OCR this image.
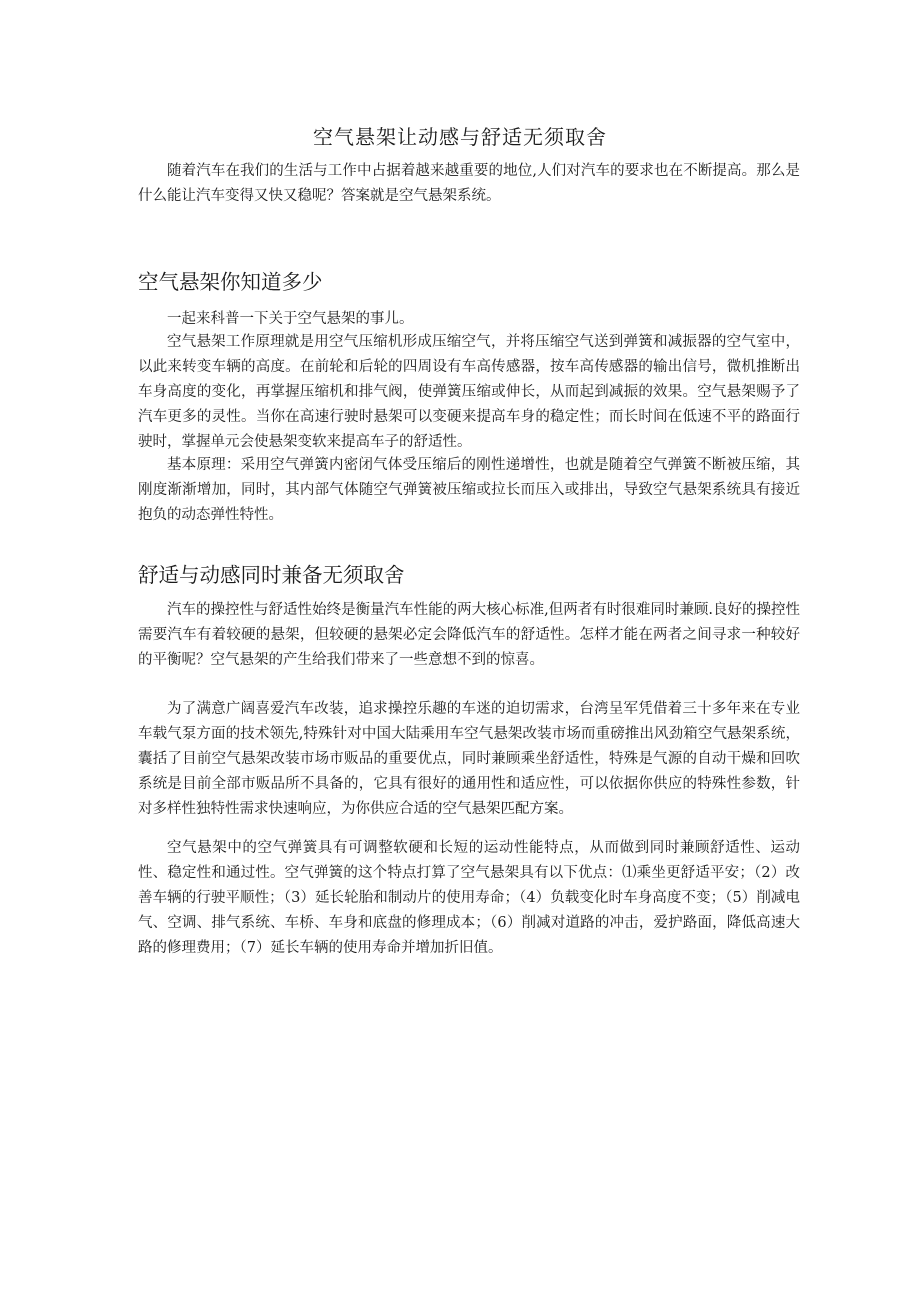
空气悬架让动感与舒适无须取舍

随着汽车在我们的生活与工作中占据着越来越重要的地位,人们对汽车的要求也在不断提高。那么是什么能让汽车变得又快又稳呢？答案就是空气悬架系统。

空气悬架你知道多少

一起来科普一下关于空气悬架的事儿。

空气悬架工作原理就是用空气压缩机形成压缩空气，并将压缩空气送到弹簧和减振器的空气室中，以此来转变车辆的高度。在前轮和后轮的四周设有车高传感器，按车高传感器的输出信号，微机推断出车身高度的变化，再掌握压缩机和排气阀，使弹簧压缩或伸长，从而起到减振的效果。空气悬架赐予了汽车更多的灵性。当你在高速行驶时悬架可以变硬来提高车身的稳定性；而长时间在低速不平的路面行驶时，掌握单元会使悬架变软来提高车子的舒适性。

基本原理：采用空气弹簧内密闭气体受压缩后的刚性递增性，也就是随着空气弹簧不断被压缩，其刚度渐渐增加，同时，其内部气体随空气弹簧被压缩或拉长而压入或排出，导致空气悬架系统具有接近抱负的动态弹性特性。

舒适与动感同时兼备无须取舍

汽车的操控性与舒适性始终是衡量汽车性能的两大核心标准,但两者有时很难同时兼顾.良好的操控性需要汽车有着较硬的悬架，但较硬的悬架必定会降低汽车的舒适性。怎样才能在两者之间寻求一种较好的平衡呢？空气悬架的产生给我们带来了一些意想不到的惊喜。

为了满意广阔喜爱汽车改装，追求操控乐趣的车迷的迫切需求，台湾呈军凭借着三十多年来在专业车载气泵方面的技术领先,特殊针对中国大陆乘用车空气悬架改装市场而重磅推出风劲箱空气悬架系统，囊括了目前空气悬架改装市场市贩品的重要优点，同时兼顾乘坐舒适性，特殊是气源的自动干燥和回吹系统是目前全部市贩品所不具备的，它具有很好的通用性和适应性，可以依据你供应的特殊性参数，针对多样性独特性需求快速响应，为你供应合适的空气悬架匹配方案。

空气悬架中的空气弹簧具有可调整软硬和长短的运动性能特点，从而做到同时兼顾舒适性、运动性、稳定性和通过性。空气弹簧的这个特点打算了空气悬架具有以下优点：⑴乘坐更舒适平安；（2）改善车辆的行驶平顺性；（3）延长轮胎和制动片的使用寿命；（4）负载变化时车身高度不变；（5）削减电气、空调、排气系统、车桥、车身和底盘的修理成本；（6）削减对道路的冲击，爱护路面，降低高速大路的修理费用；（7）延长车辆的使用寿命并增加折旧值。
